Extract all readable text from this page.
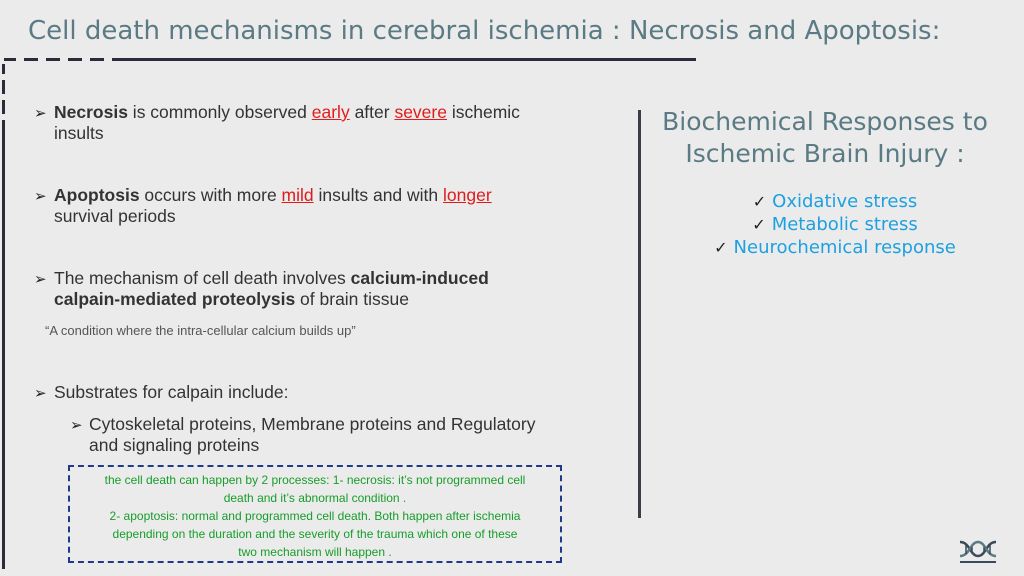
Cell death mechanisms in cerebral ischemia : Necrosis and Apoptosis:
➢ Necrosis is commonly observed early after severe ischemic
insults
➢ Apoptosis occurs with more mild insults and with longer
survival periods
➢ The mechanism of cell death involves calcium-induced
calpain-mediated proteolysis of brain tissue
“A condition where the intra-cellular calcium builds up”
➢ Substrates for calpain include:
➢ Cytoskeletal proteins, Membrane proteins and Regulatory
and signaling proteins
the cell death can happen by 2 processes: 1- necrosis: it’s not programmed cell
death and it’s abnormal condition .
2- apoptosis: normal and programmed cell death. Both happen after ischemia
depending on the duration and the severity of the trauma which one of these
two mechanism will happen .
Biochemical Responses to
Ischemic Brain Injury :
✓ Oxidative stress
✓ Metabolic stress
✓ Neurochemical response
